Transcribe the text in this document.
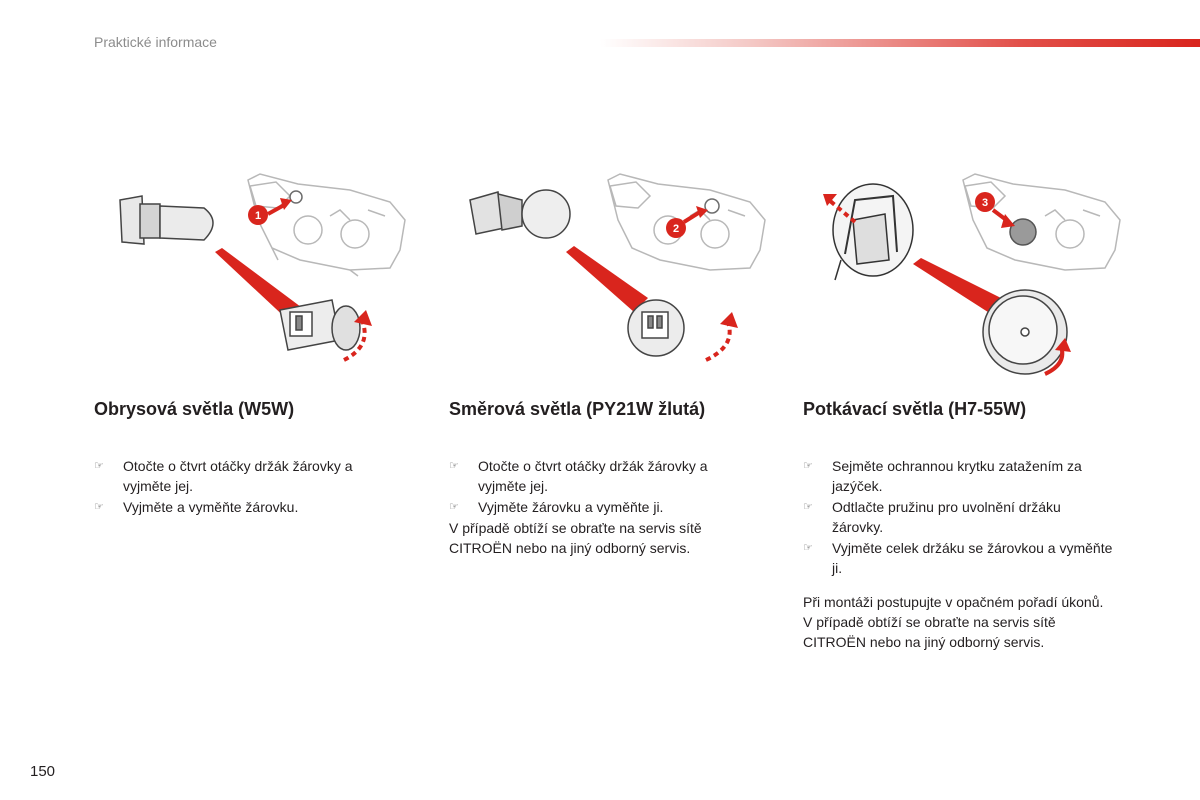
Praktické informace
1
2
3
Obrysová světla (W5W)
☞ Otočte o čtvrt otáčky držák žárovky a vyjměte jej.
☞ Vyjměte a vyměňte žárovku.
Směrová světla (PY21W žlutá)
☞ Otočte o čtvrt otáčky držák žárovky a vyjměte jej.
☞ Vyjměte žárovku a vyměňte ji.

V případě obtíží se obraťte na servis sítě CITROËN nebo na jiný odborný servis.

Potkávací světla (H7-55W)
☞ Sejměte ochrannou krytku zatažením za jazýček.
☞ Odtlačte pružinu pro uvolnění držáku žárovky.
☞ Vyjměte celek držáku se žárovkou a vyměňte ji.

Při montáži postupujte v opačném pořadí úkonů.

V případě obtíží se obraťte na servis sítě CITROËN nebo na jiný odborný servis.

150
